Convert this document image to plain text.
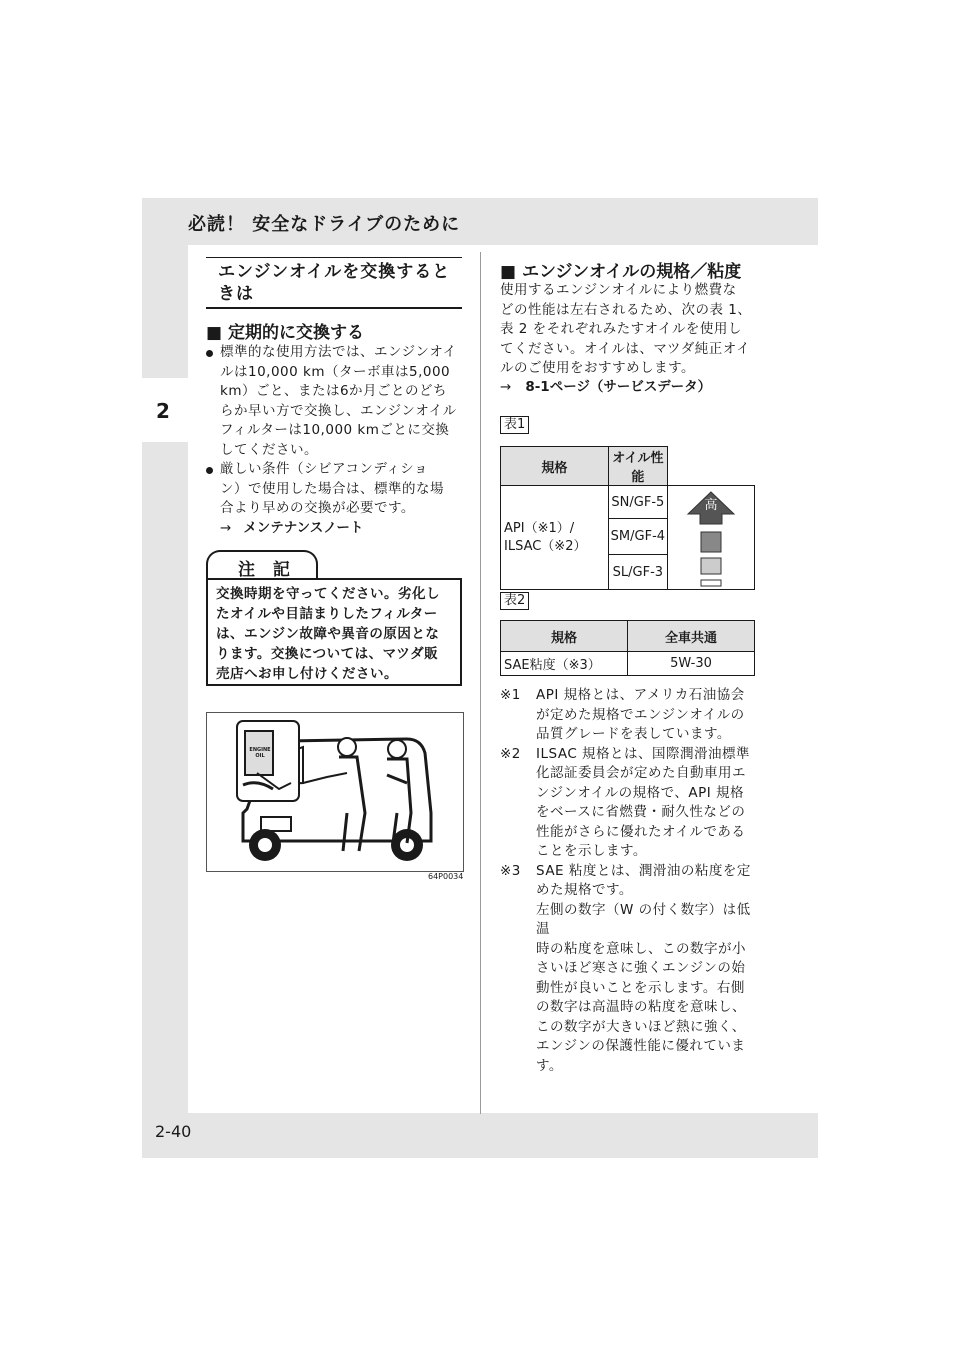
必読！ 安全なドライブのために
2
2-40
エンジンオイルを交換すると
きは
■ 定期的に交換する
標準的な使用方法では、エンジンオイ
ルは10,000 km（ターボ車は5,000
km）ごと、または6か月ごとのどち
らか早い方で交換し、エンジンオイル
フィルターは10,000 kmごとに交換
してください。
厳しい条件（シビアコンディショ
ン）で使用した場合は、標準的な場
合より早めの交換が必要です。
→ メンテナンスノート
注 記
交換時期を守ってください。劣化し
たオイルや目詰まりしたフィルター
は、エンジン故障や異音の原因とな
ります。交換については、マツダ販
売店へお申し付けください。
ENGINE OIL
64P0034
■ エンジンオイルの規格／粘度
使用するエンジンオイルにより燃費な
どの性能は左右されるため、次の表 1、
表 2 をそれぞれみたすオイルを使用し
てください。オイルは、マツダ純正オイ
ルのご使用をおすすめします。
→ 8-1ページ（サービスデータ）
表1
規格	オイル性能	

API（※1）/
ILSAC（※2）	SN/GF-5	高

	SM/GF-4	
	SL/GF-3	
表2
規格	全車共通
SAE粘度（※3）	5W-30
※1 API 規格とは、アメリカ石油協会
が定めた規格でエンジンオイルの
品質グレードを表しています。
※2 ILSAC 規格とは、国際潤滑油標準
化認証委員会が定めた自動車用エ
ンジンオイルの規格で、API 規格
をベースに省燃費・耐久性などの
性能がさらに優れたオイルである
ことを示します。
※3 SAE 粘度とは、潤滑油の粘度を定
めた規格です。
左側の数字（W の付く数字）は低温
時の粘度を意味し、この数字が小
さいほど寒さに強くエンジンの始
動性が良いことを示します。右側
の数字は高温時の粘度を意味し、
この数字が大きいほど熱に強く、
エンジンの保護性能に優れていま
す。
